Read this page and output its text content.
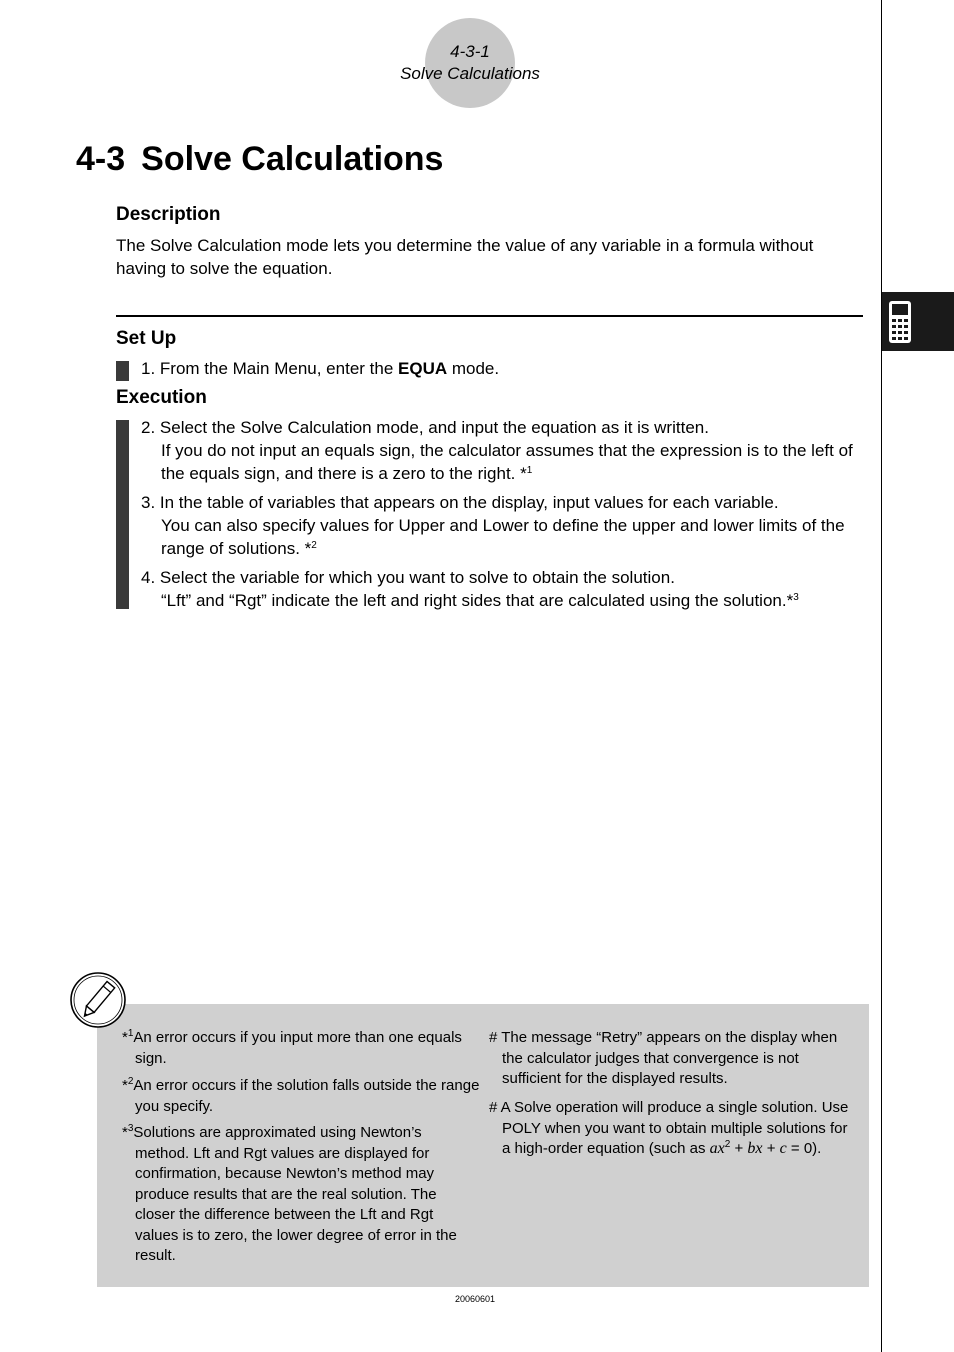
4-3-1
Solve Calculations
4-3 Solve Calculations
Description
The Solve Calculation mode lets you determine the value of any variable in a formula without having to solve the equation.
Set Up
1. From the Main Menu, enter the EQUA mode.
Execution
2. Select the Solve Calculation mode, and input the equation as it is written.
If you do not input an equals sign, the calculator assumes that the expression is to the left of the equals sign, and there is a zero to the right. *$^1$
3. In the table of variables that appears on the display, input values for each variable.
You can also specify values for Upper and Lower to define the upper and lower limits of the range of solutions. *$^2$
4. Select the variable for which you want to solve to obtain the solution.
“Lft” and “Rgt” indicate the left and right sides that are calculated using the solution.*$^3$
*$^1$An error occurs if you input more than one equals sign.
*$^2$An error occurs if the solution falls outside the range you specify.
*$^3$Solutions are approximated using Newton’s method. Lft and Rgt values are displayed for confirmation, because Newton’s method may produce results that are the real solution. The closer the difference between the Lft and Rgt values is to zero, the lower degree of error in the result.
# The message “Retry” appears on the display when the calculator judges that convergence is not sufficient for the displayed results.
# A Solve operation will produce a single solution. Use POLY when you want to obtain multiple solutions for a high-order equation (such as $ax^2$ + bx + c = 0).
20060601
